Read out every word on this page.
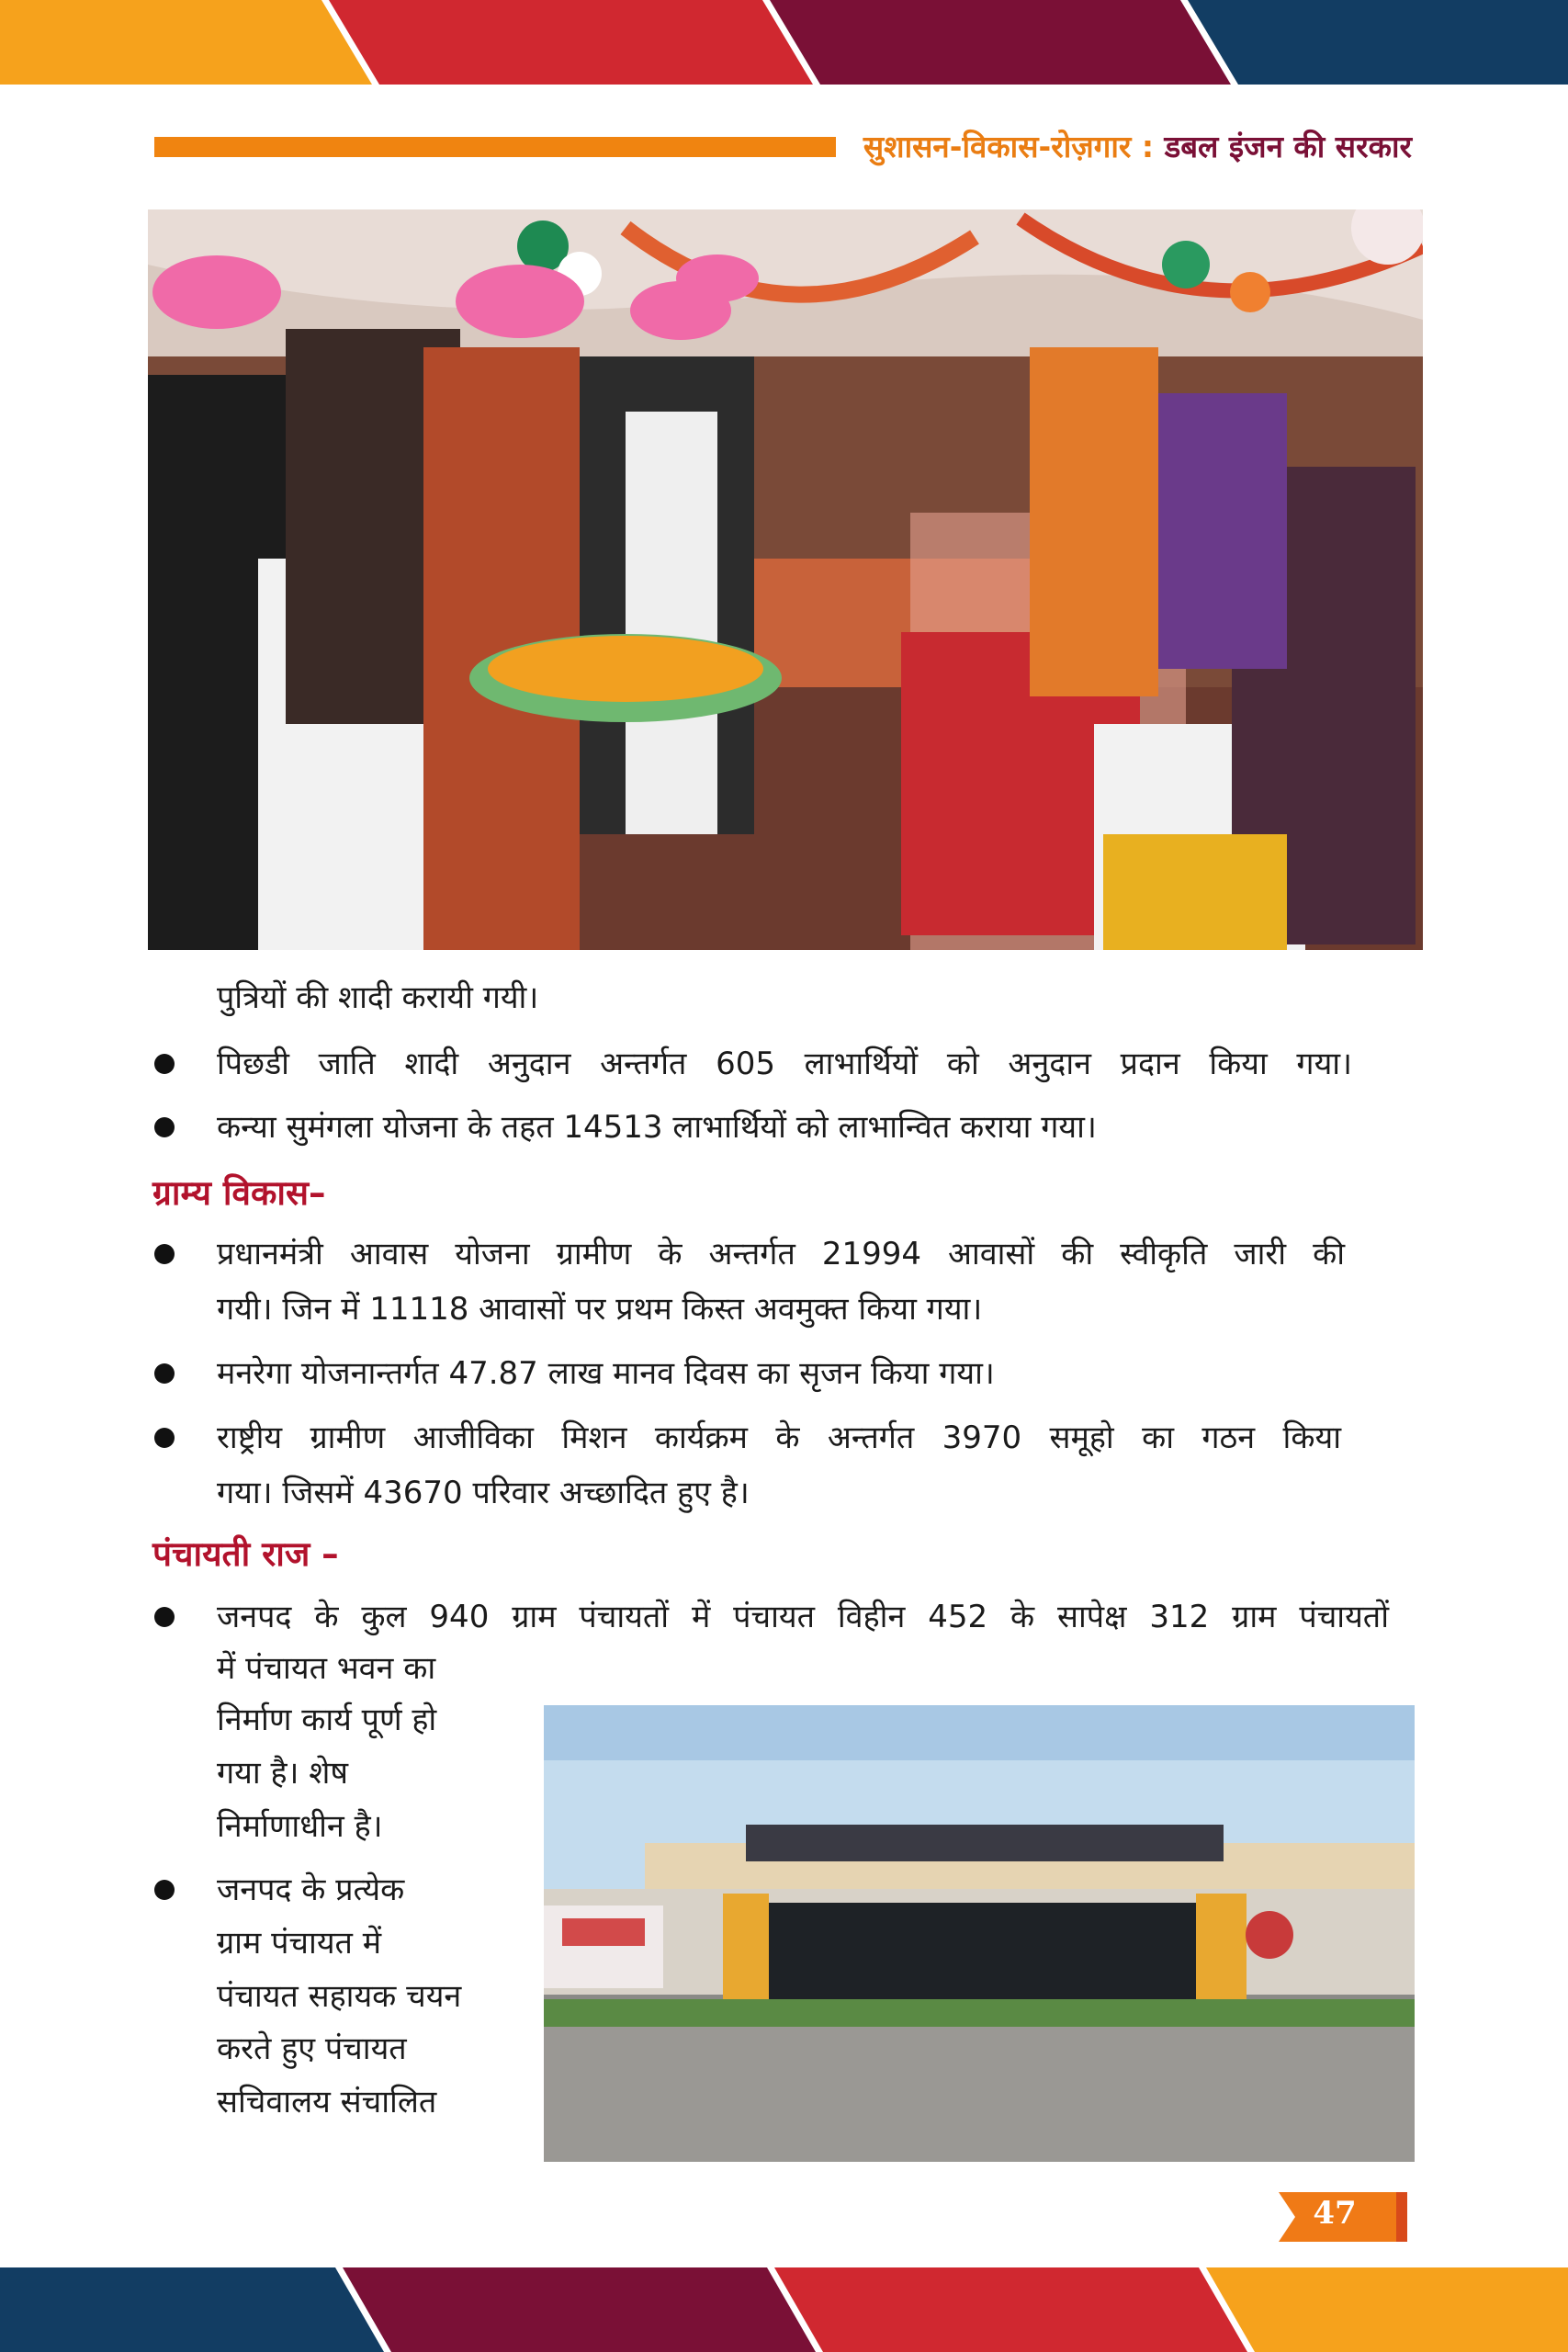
सुशासन-विकास-रोज़गार : डबल इंजन की सरकार
पुत्रियों की शादी करायी गयी।
पिछडी जाति शादी अनुदान अन्तर्गत 605 लाभार्थियों को अनुदान प्रदान किया गया।
कन्या सुमंगला योजना के तहत 14513 लाभार्थियों को लाभान्वित कराया गया।
ग्राम्य विकास–
प्रधानमंत्री आवास योजना ग्रामीण के अन्तर्गत 21994 आवासों की स्वीकृति जारी की
गयी। जिन में 11118 आवासों पर प्रथम किस्त अवमुक्त किया गया।
मनरेगा योजनान्तर्गत 47.87 लाख मानव दिवस का सृजन किया गया।
राष्ट्रीय ग्रामीण आजीविका मिशन कार्यक्रम के अन्तर्गत 3970 समूहो का गठन किया
गया। जिसमें 43670 परिवार अच्छादित हुए है।
पंचायती राज –
जनपद के कुल 940 ग्राम पंचायतों में पंचायत विहीन 452 के सापेक्ष 312 ग्राम पंचायतों
में पंचायत भवन का
निर्माण कार्य पूर्ण हो
गया है। शेष
निर्माणाधीन है।
जनपद के प्रत्येक
ग्राम पंचायत में
पंचायत सहायक चयन
करते हुए पंचायत
सचिवालय संचालित
47
